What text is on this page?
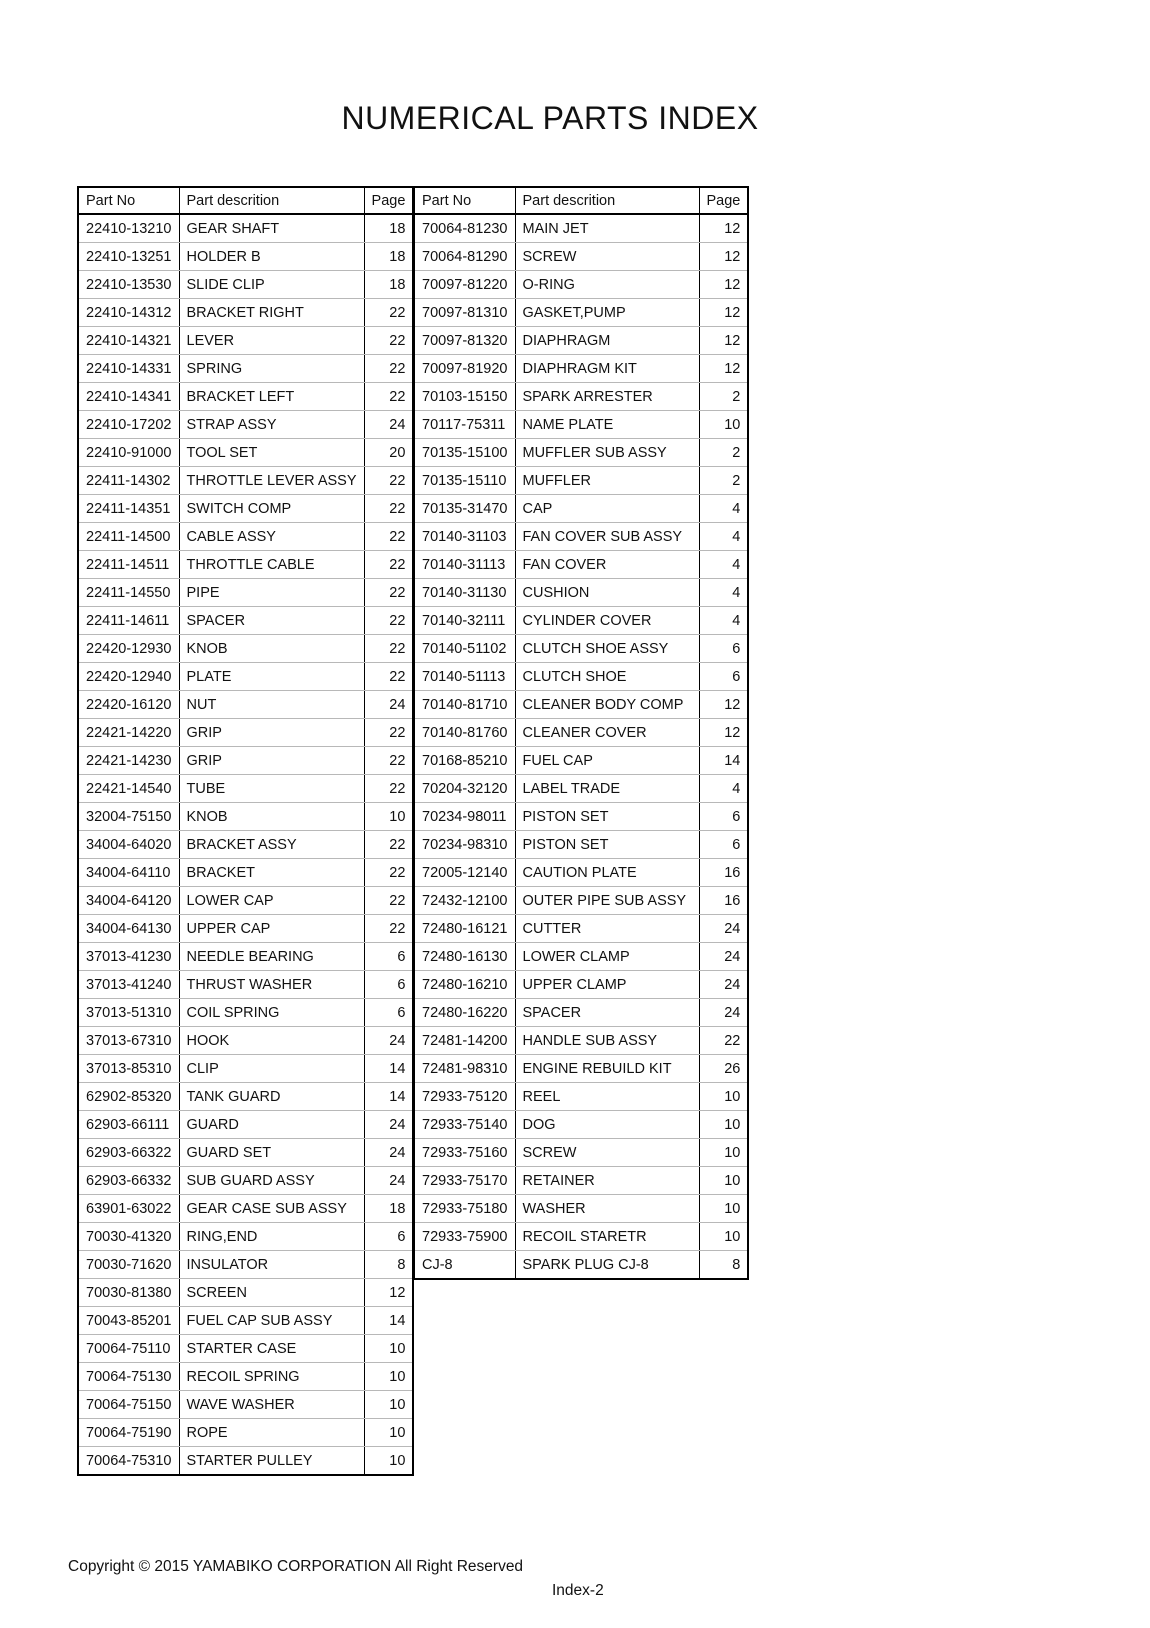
NUMERICAL PARTS INDEX
Part No	Part descrition	Page
22410-13210	GEAR SHAFT	18
22410-13251	HOLDER B	18
22410-13530	SLIDE CLIP	18
22410-14312	BRACKET RIGHT	22
22410-14321	LEVER	22
22410-14331	SPRING	22
22410-14341	BRACKET LEFT	22
22410-17202	STRAP ASSY	24
22410-91000	TOOL SET	20
22411-14302	THROTTLE LEVER ASSY	22
22411-14351	SWITCH COMP	22
22411-14500	CABLE ASSY	22
22411-14511	THROTTLE CABLE	22
22411-14550	PIPE	22
22411-14611	SPACER	22
22420-12930	KNOB	22
22420-12940	PLATE	22
22420-16120	NUT	24
22421-14220	GRIP	22
22421-14230	GRIP	22
22421-14540	TUBE	22
32004-75150	KNOB	10
34004-64020	BRACKET ASSY	22
34004-64110	BRACKET	22
34004-64120	LOWER CAP	22
34004-64130	UPPER CAP	22
37013-41230	NEEDLE BEARING	6
37013-41240	THRUST WASHER	6
37013-51310	COIL SPRING	6
37013-67310	HOOK	24
37013-85310	CLIP	14
62902-85320	TANK GUARD	14
62903-66111	GUARD	24
62903-66322	GUARD SET	24
62903-66332	SUB GUARD ASSY	24
63901-63022	GEAR CASE SUB ASSY	18
70030-41320	RING,END	6
70030-71620	INSULATOR	8
70030-81380	SCREEN	12
70043-85201	FUEL CAP SUB ASSY	14
70064-75110	STARTER CASE	10
70064-75130	RECOIL SPRING	10
70064-75150	WAVE WASHER	10
70064-75190	ROPE	10
70064-75310	STARTER PULLEY	10
Part No	Part descrition	Page
70064-81230	MAIN JET	12
70064-81290	SCREW	12
70097-81220	O-RING	12
70097-81310	GASKET,PUMP	12
70097-81320	DIAPHRAGM	12
70097-81920	DIAPHRAGM KIT	12
70103-15150	SPARK ARRESTER	2
70117-75311	NAME PLATE	10
70135-15100	MUFFLER SUB ASSY	2
70135-15110	MUFFLER	2
70135-31470	CAP	4
70140-31103	FAN COVER SUB ASSY	4
70140-31113	FAN COVER	4
70140-31130	CUSHION	4
70140-32111	CYLINDER COVER	4
70140-51102	CLUTCH SHOE ASSY	6
70140-51113	CLUTCH SHOE	6
70140-81710	CLEANER BODY COMP	12
70140-81760	CLEANER COVER	12
70168-85210	FUEL CAP	14
70204-32120	LABEL TRADE	4
70234-98011	PISTON SET	6
70234-98310	PISTON SET	6
72005-12140	CAUTION PLATE	16
72432-12100	OUTER PIPE SUB ASSY	16
72480-16121	CUTTER	24
72480-16130	LOWER CLAMP	24
72480-16210	UPPER CLAMP	24
72480-16220	SPACER	24
72481-14200	HANDLE SUB ASSY	22
72481-98310	ENGINE REBUILD KIT	26
72933-75120	REEL	10
72933-75140	DOG	10
72933-75160	SCREW	10
72933-75170	RETAINER	10
72933-75180	WASHER	10
72933-75900	RECOIL STARETR	10
CJ-8	SPARK PLUG CJ-8	8
Copyright © 2015 YAMABIKO CORPORATION All Right Reserved
Index-2
